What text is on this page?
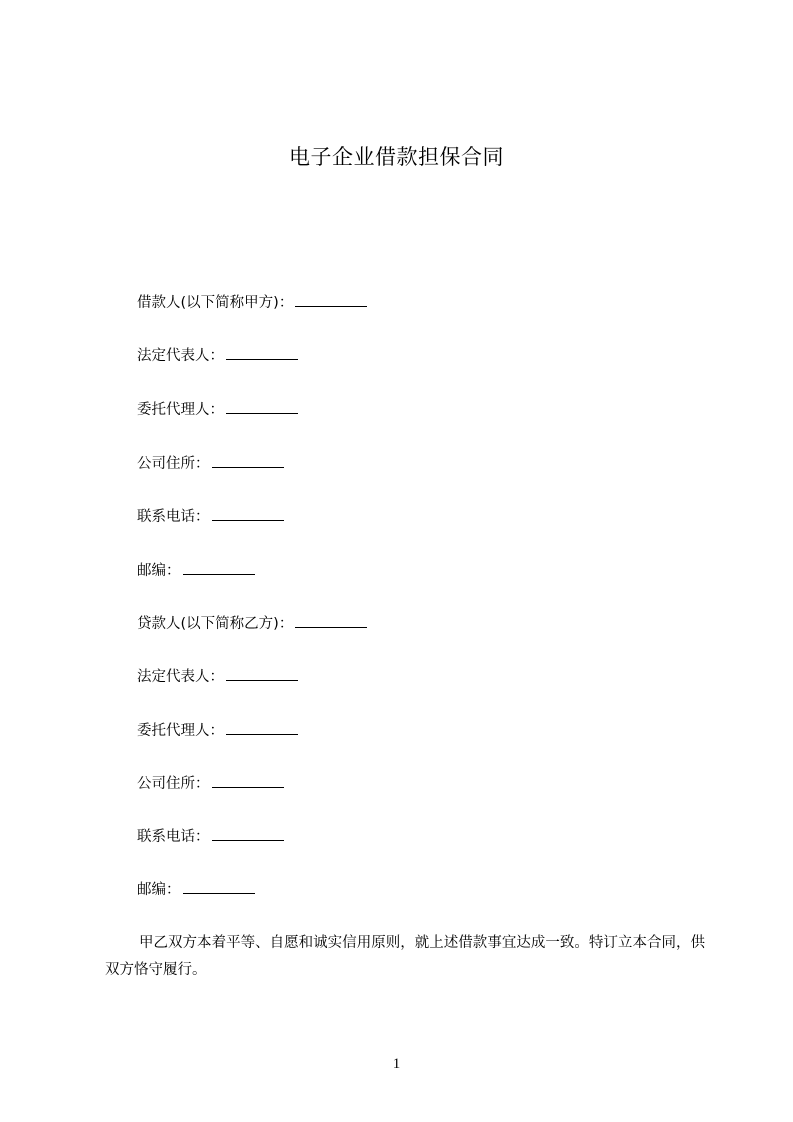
电子企业借款担保合同
借款人(以下简称甲方)：
法定代表人：
委托代理人：
公司住所：
联系电话：
邮编：
贷款人(以下简称乙方)：
法定代表人：
委托代理人：
公司住所：
联系电话：
邮编：
甲乙双方本着平等、自愿和诚实信用原则，就上述借款事宜达成一致。特订立本合同，供双方恪守履行。
1
